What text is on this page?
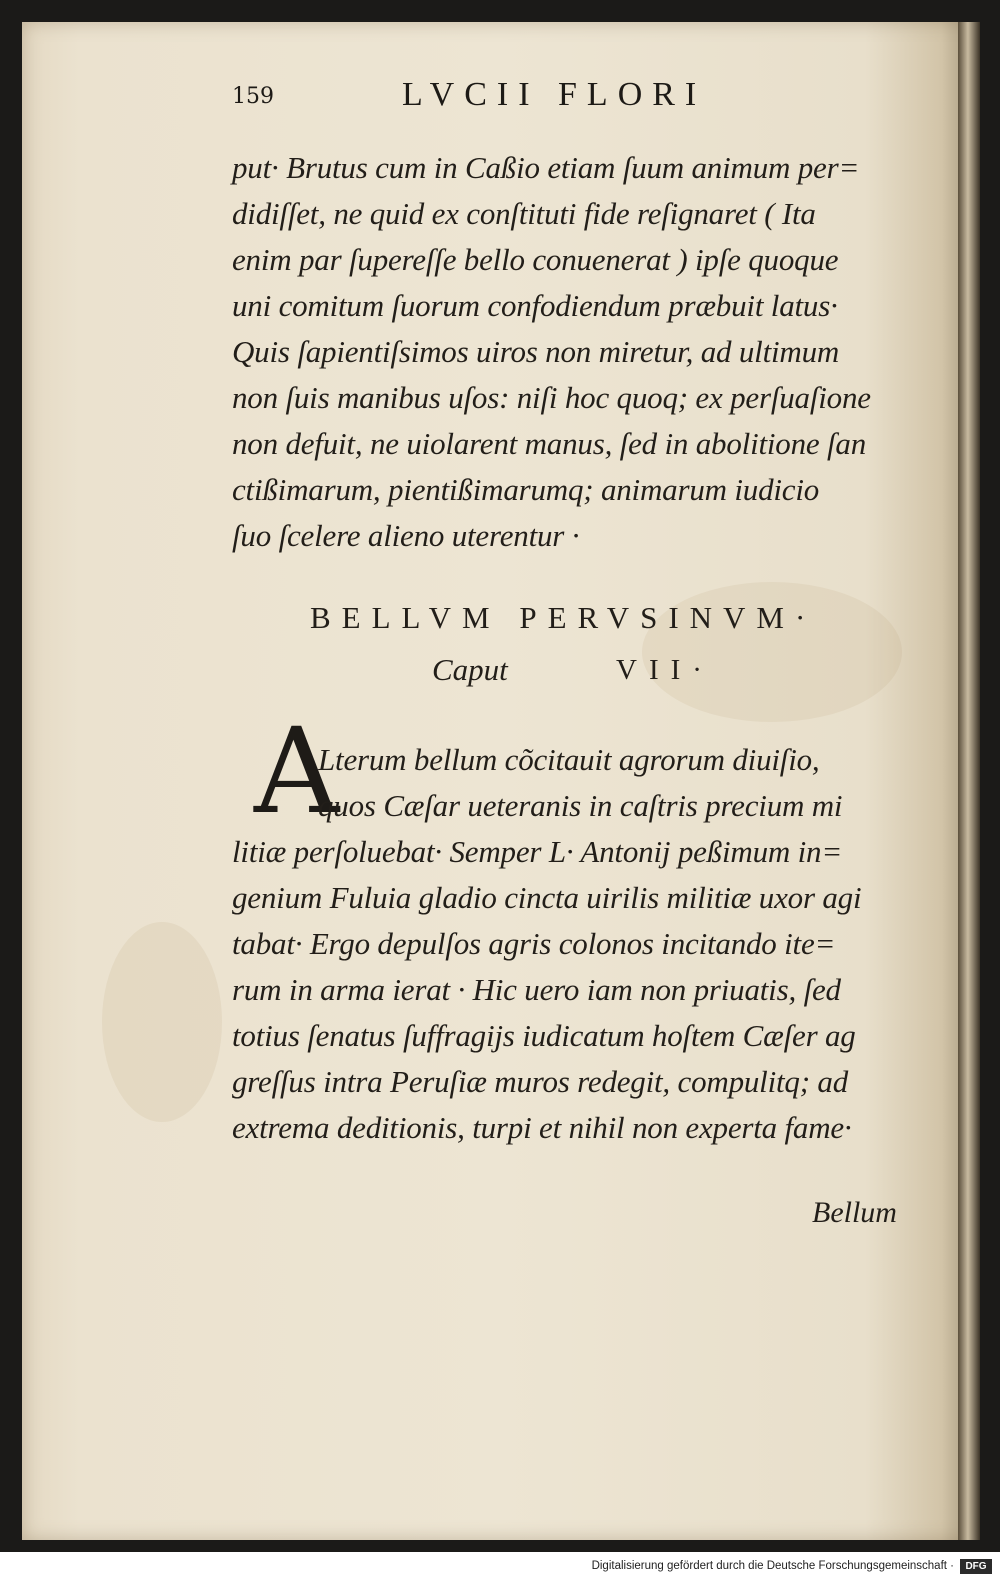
159	LVCII FLORI
put· Brutus cum in Caßio etiam ſuum animum per=
didiſſet, ne quid ex conſtituti fide reſignaret ( Ita
enim par ſupereſſe bello conuenerat ) ipſe quoque
uni comitum ſuorum confodiendum præbuit latus·
Quis ſapientiſsimos uiros non miretur, ad ultimum
non ſuis manibus uſos: niſi hoc quoq; ex perſuaſione
non defuit, ne uiolarent manus, ſed in abolitione ſan
ctißimarum, pientißimarumq; animarum iudicio
ſuo ſcelere alieno uterentur ·
BELLVM PERVSINVM·
Caput	VII·
A
Lterum bellum cõcitauit agrorum diuiſio,
quos Cæſar ueteranis in caſtris precium mi
litiæ perſoluebat· Semper L· Antonij peßimum in=
genium Fuluia gladio cincta uirilis militiæ uxor agi
tabat· Ergo depulſos agris colonos incitando ite=
rum in arma ierat · Hic uero iam non priuatis, ſed
totius ſenatus ſuffragijs iudicatum hoſtem Cæſer ag
greſſus intra Peruſiæ muros redegit, compulitq; ad
extrema deditionis, turpi et nihil non experta fame·
Bellum
Digitalisierung gefördert durch die Deutsche Forschungsgemeinschaft ·	DFG
